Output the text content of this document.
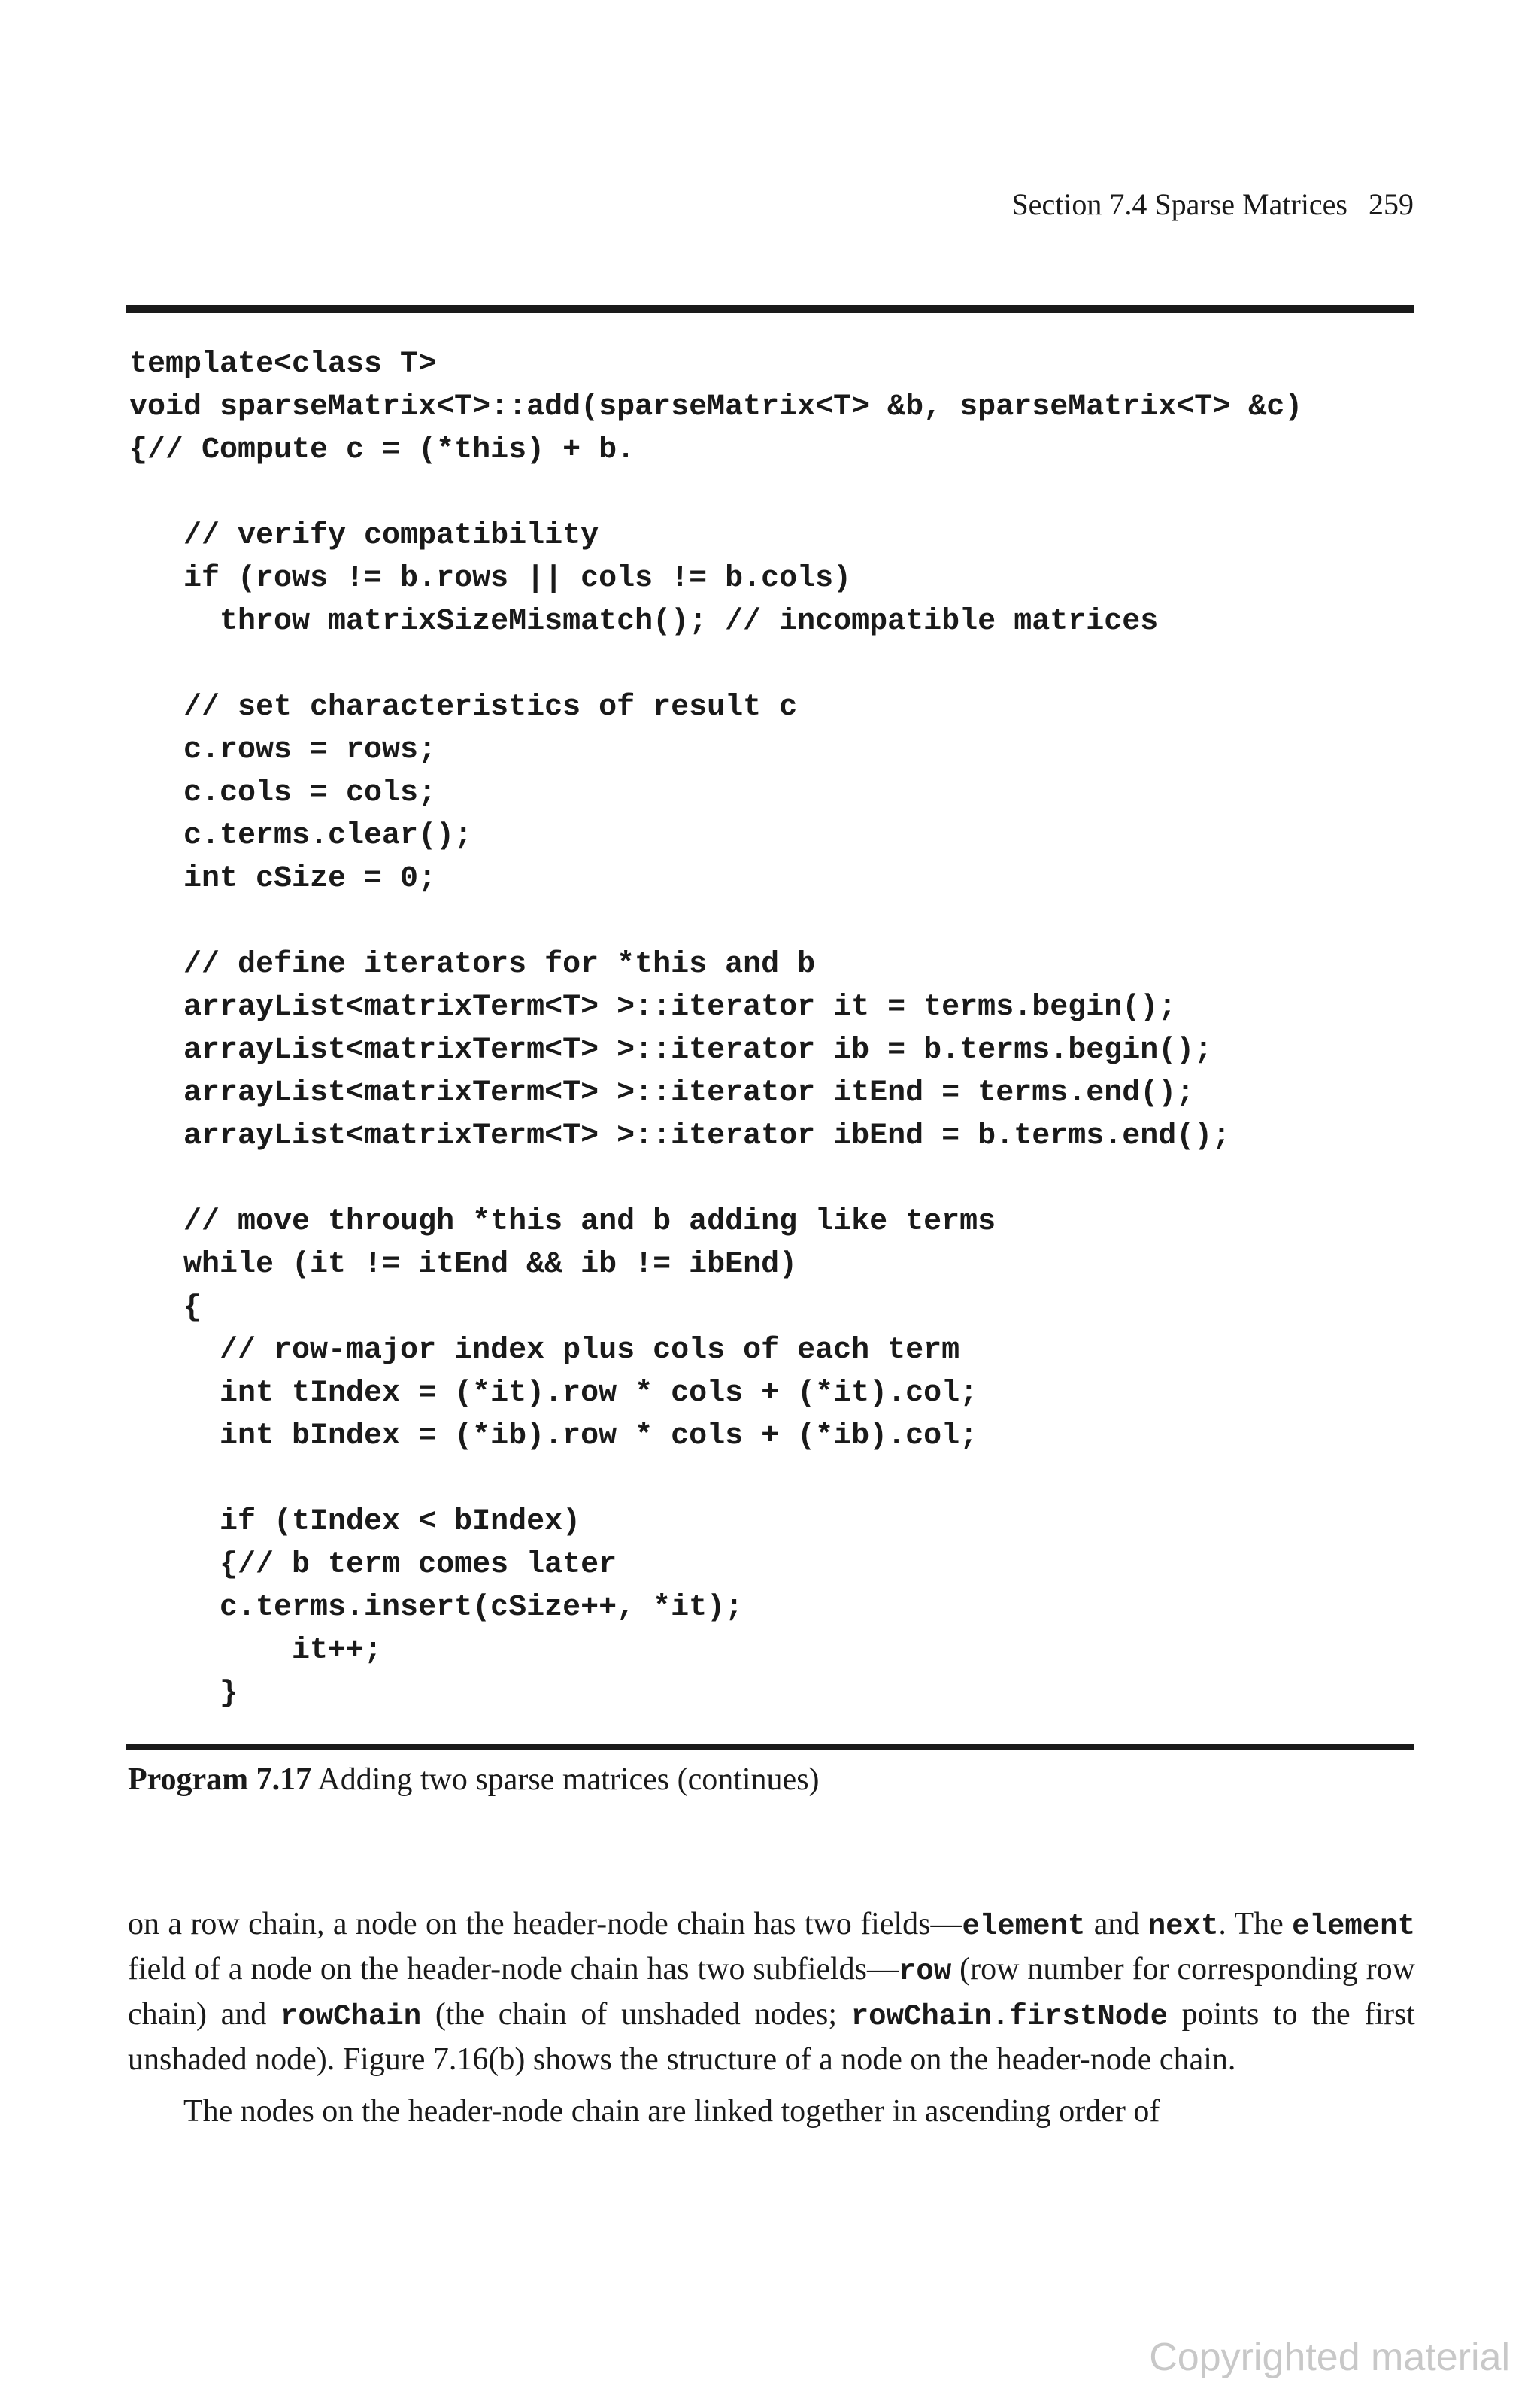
Section 7.4 Sparse Matrices 259
template<class T>
void sparseMatrix<T>::add(sparseMatrix<T> &b, sparseMatrix<T> &c)
{// Compute c = (*this) + b.
// verify compatibility
if (rows != b.rows || cols != b.cols)
throw matrixSizeMismatch(); // incompatible matrices
// set characteristics of result c
c.rows = rows;
c.cols = cols;
c.terms.clear();
int cSize = 0;
// define iterators for *this and b
arrayList<matrixTerm<T> >::iterator it = terms.begin();
arrayList<matrixTerm<T> >::iterator ib = b.terms.begin();
arrayList<matrixTerm<T> >::iterator itEnd = terms.end();
arrayList<matrixTerm<T> >::iterator ibEnd = b.terms.end();
// move through *this and b adding like terms
while (it != itEnd && ib != ibEnd)
{
// row-major index plus cols of each term
int tIndex = (*it).row * cols + (*it).col;
int bIndex = (*ib).row * cols + (*ib).col;
if (tIndex < bIndex)
{// b term comes later
c.terms.insert(cSize++, *it);
it++;
}
Program 7.17 Adding two sparse matrices (continues)

on a row chain, a node on the header-node chain has two fields—element and next. The element field of a node on the header-node chain has two subfields—row (row number for corresponding row chain) and rowChain (the chain of unshaded nodes; rowChain.firstNode points to the first unshaded node). Figure 7.16(b) shows the structure of a node on the header-node chain.

The nodes on the header-node chain are linked together in ascending order of

Copyrighted material
